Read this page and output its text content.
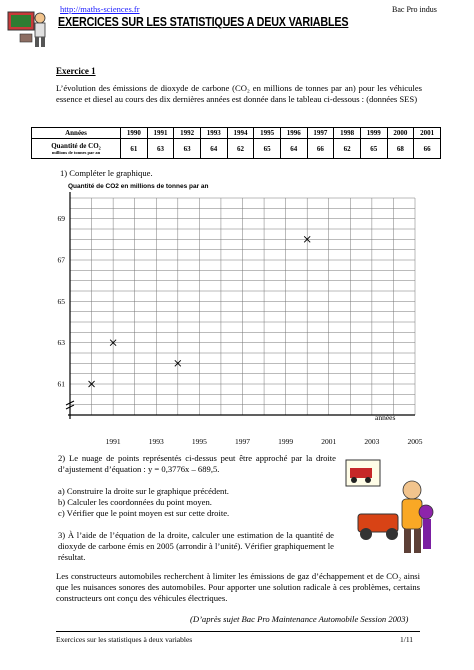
http://maths-sciences.fr	Bac Pro indus
EXERCICES SUR LES STATISTIQUES A DEUX VARIABLES
Exercice 1
L’évolution des émissions de dioxyde de carbone (CO₂ en millions de tonnes par an) pour les véhicules essence et diesel au cours des dix dernières années est donnée dans le tableau ci-dessous : (données SES)
Années	1990	1991	1992	1993	1994	1995	1996	1997	1998	1999	2000	2001
Quantité de CO₂
millions de tonnes par an	61	63	63	64	62	65	64	66	62	65	68	66
1) Compléter le graphique.
Quantité de CO2 en millions de tonnes par an
61
63
65
67
69
1991	1993	1995	1997	1999	2001	2003	2005
années
2) Le nuage de points représentés ci-dessus peut être approché par la droite d’ajustement d’équation : y = 0,3776x – 689,5.
a) Construire la droite sur le graphique précédent.
b) Calculer les coordonnées du point moyen.
c) Vérifier que le point moyen est sur cette droite.
3) À l’aide de l’équation de la droite, calculer une estimation de la quantité de dioxyde de carbone émis en 2005 (arrondir à l’unité). Vérifier graphiquement le résultat.
Les constructeurs automobiles recherchent à limiter les émissions de gaz d’échappement et de CO₂ ainsi que les nuisances sonores des automobiles. Pour apporter une solution radicale à ces problèmes, certains constructeurs ont conçu des véhicules électriques.
(D’après sujet Bac Pro Maintenance Automobile Session 2003)
Exercices sur les statistiques à deux variables	1/11
